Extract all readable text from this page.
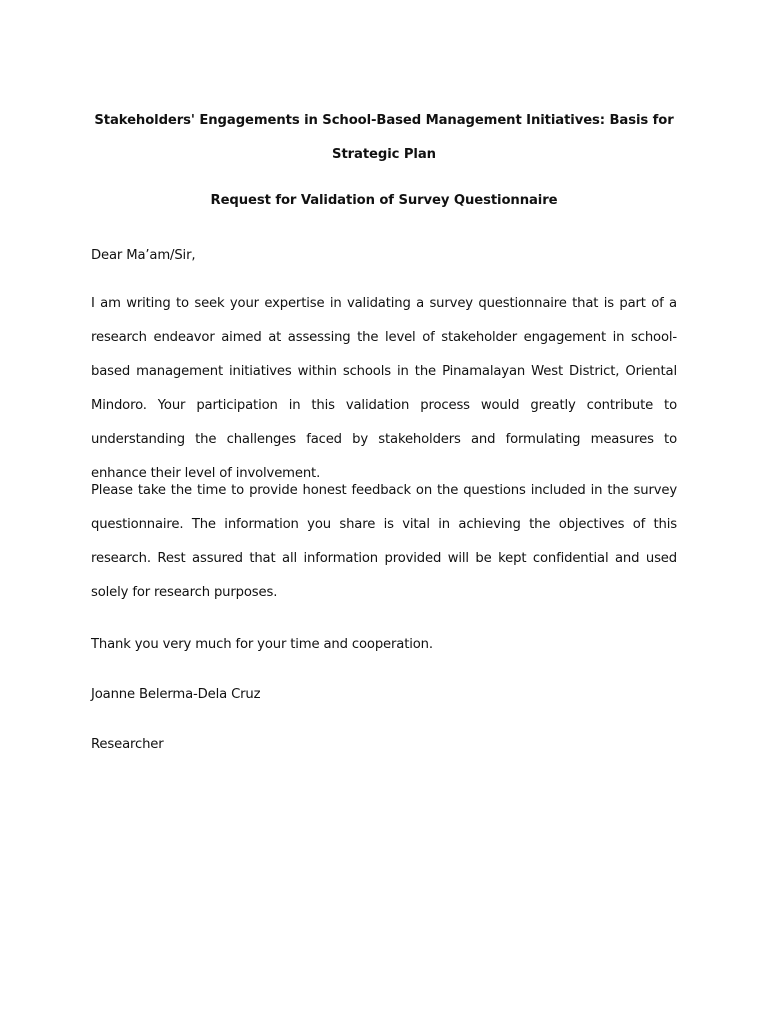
Stakeholders' Engagements in School-Based Management Initiatives: Basis for Strategic Plan
Request for Validation of Survey Questionnaire

Dear Ma’am/Sir,

I am writing to seek your expertise in validating a survey questionnaire that is part of a research endeavor aimed at assessing the level of stakeholder engagement in school-based management initiatives within schools in the Pinamalayan West District, Oriental Mindoro. Your participation in this validation process would greatly contribute to understanding the challenges faced by stakeholders and formulating measures to enhance their level of involvement.

Please take the time to provide honest feedback on the questions included in the survey questionnaire. The information you share is vital in achieving the objectives of this research. Rest assured that all information provided will be kept confidential and used solely for research purposes.

Thank you very much for your time and cooperation.

Joanne Belerma-Dela Cruz

Researcher
